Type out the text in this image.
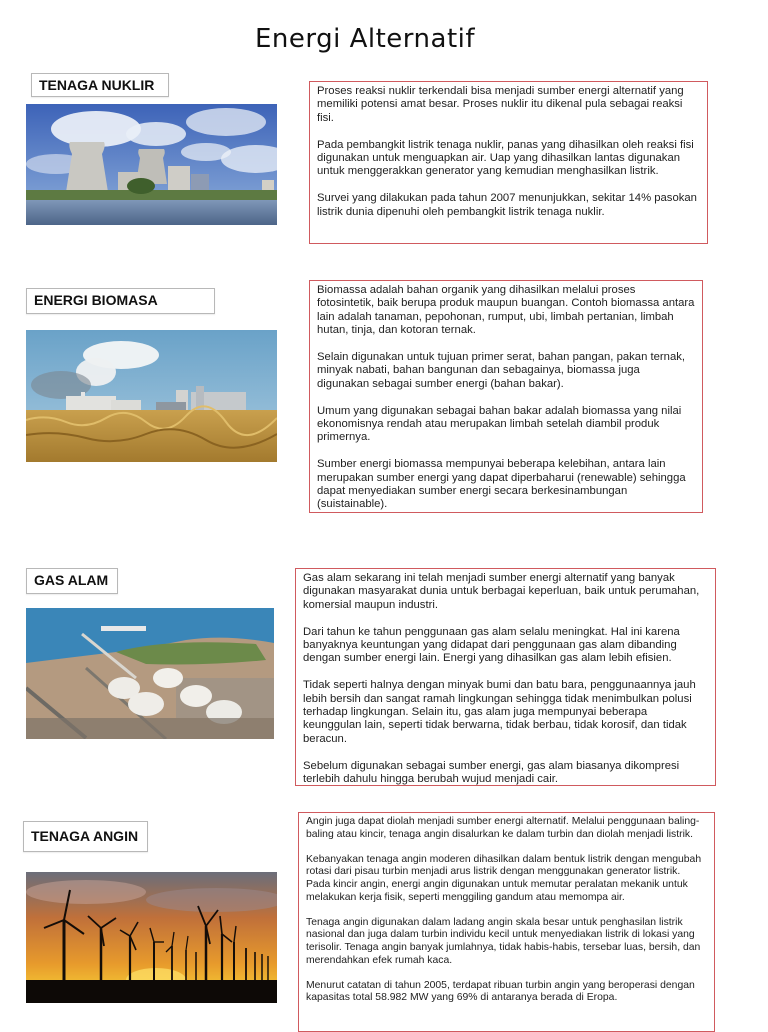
Energi Alternatif
TENAGA NUKLIR	Proses reaksi nuklir terkendali bisa menjadi sumber energi alternatif yang memiliki potensi amat besar. Proses nuklir itu dikenal pula sebagai reaksi fisi.

Pada pembangkit listrik tenaga nuklir, panas yang dihasilkan oleh reaksi fisi digunakan untuk menguapkan air. Uap yang dihasilkan lantas digunakan untuk menggerakkan generator yang kemudian menghasilkan listrik.

Survei yang dilakukan pada tahun 2007 menunjukkan, sekitar 14% pasokan listrik dunia dipenuhi oleh pembangkit listrik tenaga nuklir.

ENERGI BIOMASA

Biomassa adalah bahan organik yang dihasilkan melalui proses fotosintetik, baik berupa produk maupun buangan. Contoh biomassa antara lain adalah tanaman, pepohonan, rumput, ubi, limbah pertanian, limbah hutan, tinja, dan kotoran ternak.

Selain digunakan untuk tujuan primer serat, bahan pangan, pakan ternak, minyak nabati, bahan bangunan dan sebagainya, biomassa juga digunakan sebagai sumber energi (bahan bakar).

Umum yang digunakan sebagai bahan bakar adalah biomassa yang nilai ekonomisnya rendah atau merupakan limbah setelah diambil produk primernya.

Sumber energi biomassa mempunyai beberapa kelebihan, antara lain merupakan sumber energi yang dapat diperbaharui (renewable) sehingga dapat menyediakan sumber energi secara berkesinambungan (suistainable).

GAS ALAM	Gas alam sekarang ini telah menjadi sumber energi alternatif yang banyak digunakan masyarakat dunia untuk berbagai keperluan, baik untuk perumahan, komersial maupun industri.

Dari tahun ke tahun penggunaan gas alam selalu meningkat. Hal ini karena banyaknya keuntungan yang didapat dari penggunaan gas alam dibanding dengan sumber energi lain. Energi yang dihasilkan gas alam lebih efisien.

Tidak seperti halnya dengan minyak bumi dan batu bara, penggunaannya jauh lebih bersih dan sangat ramah lingkungan sehingga tidak menimbulkan polusi terhadap lingkungan. Selain itu, gas alam juga mempunyai beberapa keunggulan lain, seperti tidak berwarna, tidak berbau, tidak korosif, dan tidak beracun.

Sebelum digunakan sebagai sumber energi, gas alam biasanya dikompresi terlebih dahulu hingga berubah wujud menjadi cair.

TENAGA ANGIN

Angin juga dapat diolah menjadi sumber energi alternatif. Melalui penggunaan baling-baling atau kincir, tenaga angin disalurkan ke dalam turbin dan diolah menjadi listrik.

Kebanyakan tenaga angin moderen dihasilkan dalam bentuk listrik dengan mengubah rotasi dari pisau turbin menjadi arus listrik dengan menggunakan generator listrik. Pada kincir angin, energi angin digunakan untuk memutar peralatan mekanik untuk melakukan kerja fisik, seperti menggiling gandum atau memompa air.

Tenaga angin digunakan dalam ladang angin skala besar untuk penghasilan listrik nasional dan juga dalam turbin individu kecil untuk menyediakan listrik di lokasi yang terisolir. Tenaga angin banyak jumlahnya, tidak habis-habis, tersebar luas, bersih, dan merendahkan efek rumah kaca.

Menurut catatan di tahun 2005, terdapat ribuan turbin angin yang beroperasi dengan kapasitas total 58.982 MW yang 69% di antaranya berada di Eropa.
